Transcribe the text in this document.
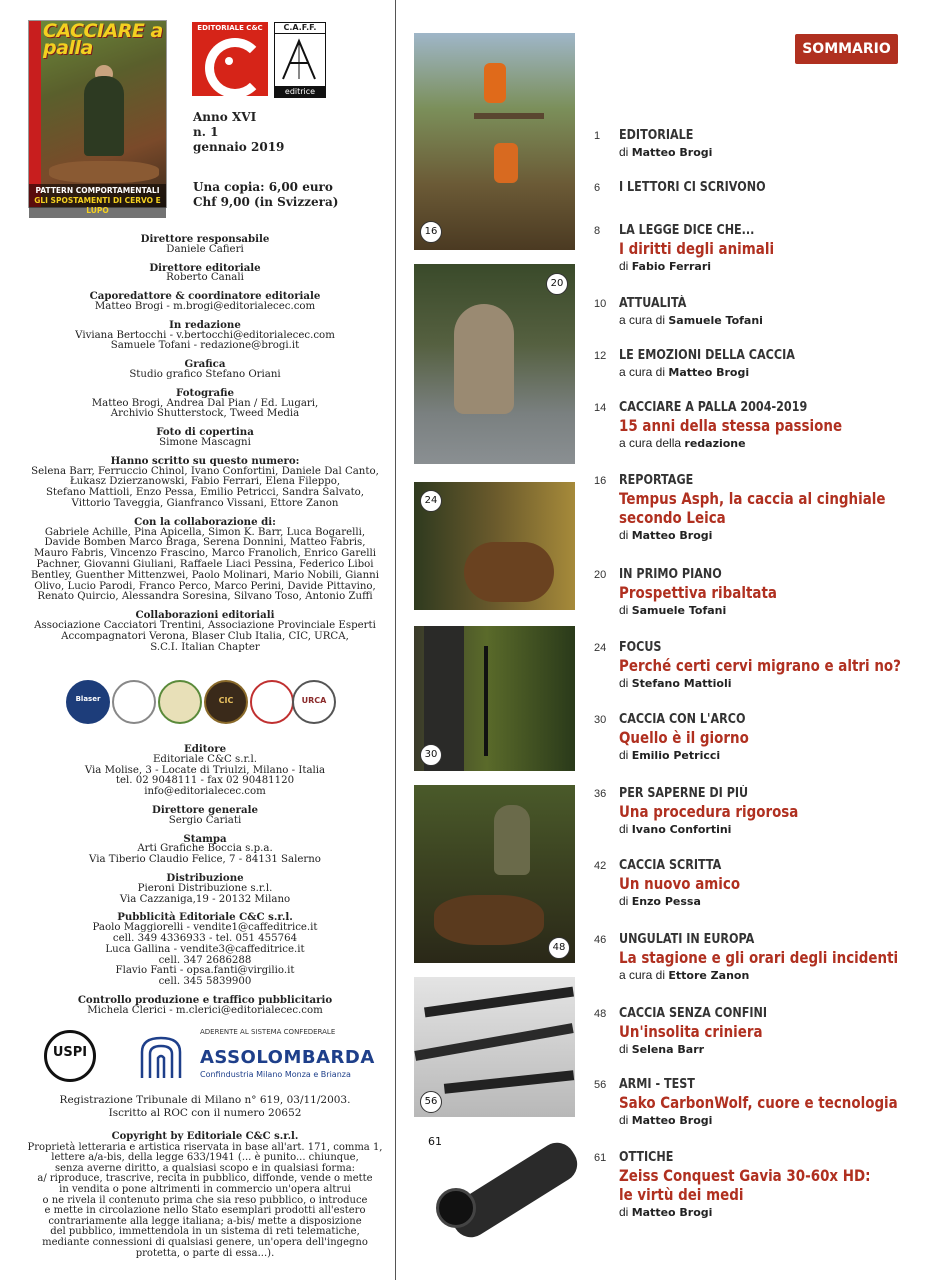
CACCIARE a palla
PATTERN COMPORTAMENTALI
GLI SPOSTAMENTI DI CERVO E LUPO
EDITORIALE C&C	C.A.F.F.
editrice
Anno XVI
n. 1
gennaio 2019
Una copia: 6,00 euro
Chf 9,00 (in Svizzera)
Direttore responsabile
Daniele Cafieri
Direttore editoriale
Roberto Canali
Caporedattore & coordinatore editoriale
Matteo Brogi - m.brogi@editorialecec.com
In redazione
Viviana Bertocchi - v.bertocchi@editorialecec.com
Samuele Tofani - redazione@brogi.it
Grafica
Studio grafico Stefano Oriani
Fotografie
Matteo Brogi, Andrea Dal Pian / Ed. Lugari,
Archivio Shutterstock, Tweed Media
Foto di copertina
Simone Mascagni
Hanno scritto su questo numero:
Selena Barr, Ferruccio Chinol, Ivano Confortini, Daniele Dal Canto,
Łukasz Dzierzanowski, Fabio Ferrari, Elena Fileppo,
Stefano Mattioli, Enzo Pessa, Emilio Petricci, Sandra Salvato,
Vittorio Taveggia, Gianfranco Vissani, Ettore Zanon
Con la collaborazione di:
Gabriele Achille, Pina Apicella, Simon K. Barr, Luca Bogarelli,
Davide Bomben Marco Braga, Serena Donnini, Matteo Fabris,
Mauro Fabris, Vincenzo Frascino, Marco Franolich, Enrico Garelli
Pachner, Giovanni Giuliani, Raffaele Liaci Pessina, Federico Liboi
Bentley, Guenther Mittenzwei, Paolo Molinari, Mario Nobili, Gianni
Olivo, Lucio Parodi, Franco Perco, Marco Perini, Davide Pittavino,
Renato Quircio, Alessandra Soresina, Silvano Toso, Antonio Zuffi
Collaborazioni editoriali
Associazione Cacciatori Trentini, Associazione Provinciale Esperti
Accompagnatori Verona, Blaser Club Italia, CIC, URCA,
S.C.I. Italian Chapter
Blaser	CIC	URCA
Editore
Editoriale C&C s.r.l.
Via Molise, 3 - Locate di Triulzi, Milano - Italia
tel. 02 9048111 - fax 02 90481120
info@editorialecec.com
Direttore generale
Sergio Cariati
Stampa
Arti Grafiche Boccia s.p.a.
Via Tiberio Claudio Felice, 7 - 84131 Salerno
Distribuzione
Pieroni Distribuzione s.r.l.
Via Cazzaniga,19 - 20132 Milano
Pubblicità Editoriale C&C s.r.l.
Paolo Maggiorelli - vendite1@caffeditrice.it
cell. 349 4336933 - tel. 051 455764
Luca Gallina - vendite3@caffeditrice.it
cell. 347 2686288
Flavio Fanti - opsa.fanti@virgilio.it
cell. 345 5839900
Controllo produzione e traffico pubblicitario
Michela Clerici - m.clerici@editorialecec.com
USPI
ADERENTE AL SISTEMA CONFEDERALE
ASSOLOMBARDA
Confindustria Milano Monza e Brianza
Registrazione Tribunale di Milano n° 619, 03/11/2003.
Iscritto al ROC con il numero 20652
Copyright by Editoriale C&C s.r.l.
Proprietà letteraria e artistica riservata in base all'art. 171, comma 1,
lettere a/a-bis, della legge 633/1941 (... è punito... chiunque,
senza averne diritto, a qualsiasi scopo e in qualsiasi forma:
a/ riproduce, trascrive, recita in pubblico, diffonde, vende o mette
in vendita o pone altrimenti in commercio un'opera altrui
o ne rivela il contenuto prima che sia reso pubblico, o introduce
e mette in circolazione nello Stato esemplari prodotti all'estero
contrariamente alla legge italiana; a-bis/ mette a disposizione
del pubblico, immettendola in un sistema di reti telematiche,
mediante connessioni di qualsiasi genere, un'opera dell'ingegno
protetta, o parte di essa...).
16
20
24
30
48
56
61
SOMMARIO
1	EDITORIALE
di Matteo Brogi
6	I LETTORI CI SCRIVONO
8	LA LEGGE DICE CHE...
I diritti degli animali
di Fabio Ferrari
10 ATTUALITÀ
a cura di Samuele Tofani
12 LE EMOZIONI DELLA CACCIA
a cura di Matteo Brogi
14 CACCIARE A PALLA 2004-2019
15 anni della stessa passione
a cura della redazione
16 REPORTAGE
Tempus Asph, la caccia al cinghiale
secondo Leica
di Matteo Brogi
20 IN PRIMO PIANO
Prospettiva ribaltata
di Samuele Tofani
24 FOCUS
Perché certi cervi migrano e altri no?
di Stefano Mattioli
30 CACCIA CON L'ARCO
Quello è il giorno
di Emilio Petricci
36 PER SAPERNE DI PIÙ
Una procedura rigorosa
di Ivano Confortini
42 CACCIA SCRITTA
Un nuovo amico
di Enzo Pessa
46 UNGULATI IN EUROPA
La stagione e gli orari degli incidenti
a cura di Ettore Zanon
48 CACCIA SENZA CONFINI
Un'insolita criniera
di Selena Barr
56 ARMI - TEST
Sako CarbonWolf, cuore e tecnologia
di Matteo Brogi
61 OTTICHE
Zeiss Conquest Gavia 30-60x HD:
le virtù dei medi
di Matteo Brogi
